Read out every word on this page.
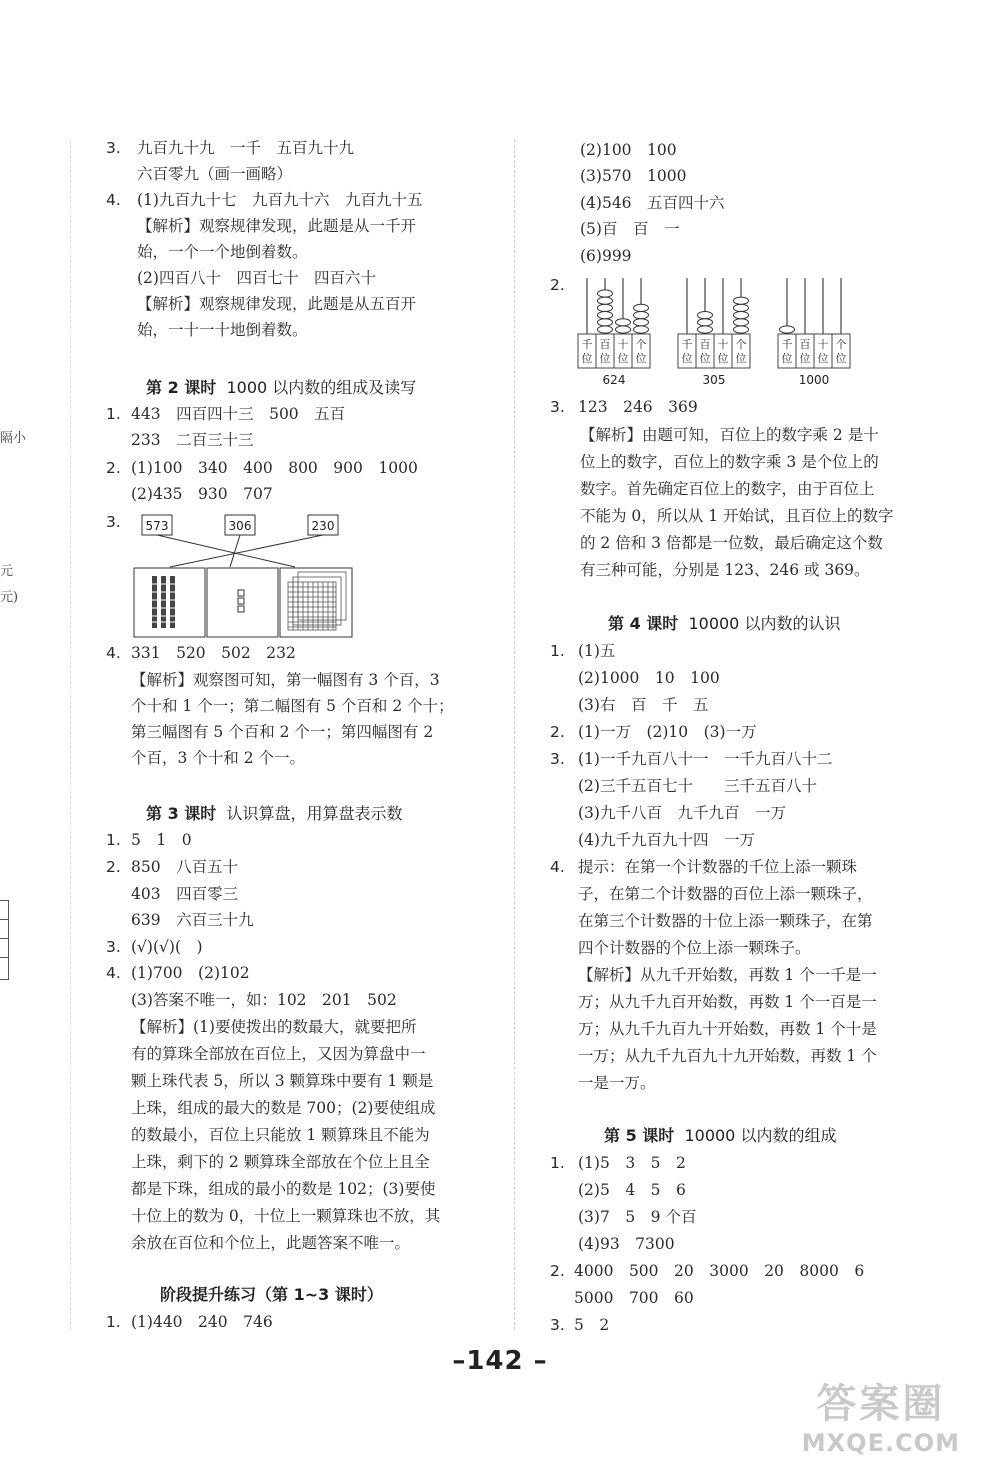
隔小
元
元)
3. 九百九十九　一千　五百九十九
六百零九（画一画略）
4. (1)九百九十七　九百九十六　九百九十五
【解析】观察规律发现，此题是从一千开
始，一个一个地倒着数。
(2)四百八十　四百七十　四百六十
【解析】观察规律发现，此题是从五百开
始，一十一十地倒着数。
第 2 课时 1000 以内数的组成及读写
1. 443　四百四十三　500　五百
233　二百三十三
2. (1)100　340　400　800　900　1000
(2)435　930　707
3. 573	306	230
4. 331　520　502　232
【解析】观察图可知，第一幅图有 3 个百，3
个十和 1 个一；第二幅图有 5 个百和 2 个十；
第三幅图有 5 个百和 2 个一；第四幅图有 2
个百，3 个十和 2 个一。
第 3 课时 认识算盘，用算盘表示数
1. 5　1　0
2. 850　八百五十
403　四百零三
639　六百三十九
3. (√)(√)(　)
4. (1)700　(2)102
(3)答案不唯一，如：102　201　502
【解析】(1)要使拨出的数最大，就要把所
有的算珠全部放在百位上，又因为算盘中一
颗上珠代表 5，所以 3 颗算珠中要有 1 颗是
上珠，组成的最大的数是 700；(2)要使组成
的数最小，百位上只能放 1 颗算珠且不能为
上珠，剩下的 2 颗算珠全部放在个位上且全
都是下珠，组成的最小的数是 102；(3)要使
十位上的数为 0，十位上一颗算珠也不放，其
余放在百位和个位上，此题答案不唯一。
阶段提升练习（第 1~3 课时）
1. (1)440　240　746
(2)100　100
(3)570　1000
(4)546　五百四十六
(5)百　百　一
(6)999
2.
千
位
百
位
十
位
个
位
624
千
位
百
位
十
位
个
位
305
千
位
百
位
十
位
个
位
1000
3. 123　246　369
【解析】由题可知，百位上的数字乘 2 是十
位上的数字，百位上的数字乘 3 是个位上的
数字。首先确定百位上的数字，由于百位上
不能为 0，所以从 1 开始试，且百位上的数字
的 2 倍和 3 倍都是一位数，最后确定这个数
有三种可能，分别是 123、246 或 369。
第 4 课时 10000 以内数的认识
1. (1)五
(2)1000　10　100
(3)右　百　千　五
2. (1)一万　(2)10　(3)一万
3. (1)一千九百八十一　一千九百八十二
(2)三千五百七十　　三千五百八十
(3)九千八百　九千九百　一万
(4)九千九百九十四　一万
4. 提示：在第一个计数器的千位上添一颗珠
子，在第二个计数器的百位上添一颗珠子，
在第三个计数器的十位上添一颗珠子，在第
四个计数器的个位上添一颗珠子。
【解析】从九千开始数，再数 1 个一千是一
万；从九千九百开始数，再数 1 个一百是一
万；从九千九百九十开始数，再数 1 个十是
一万；从九千九百九十九开始数，再数 1 个
一是一万。
第 5 课时 10000 以内数的组成
1. (1)5　3　5　2
(2)5　4　5　6
(3)7　5　9 个百
(4)93　7300
2. 4000　500　20　3000　20　8000　6
5000　700　60
3. 5　2
–142 –
答案圈
MXQE.COM
